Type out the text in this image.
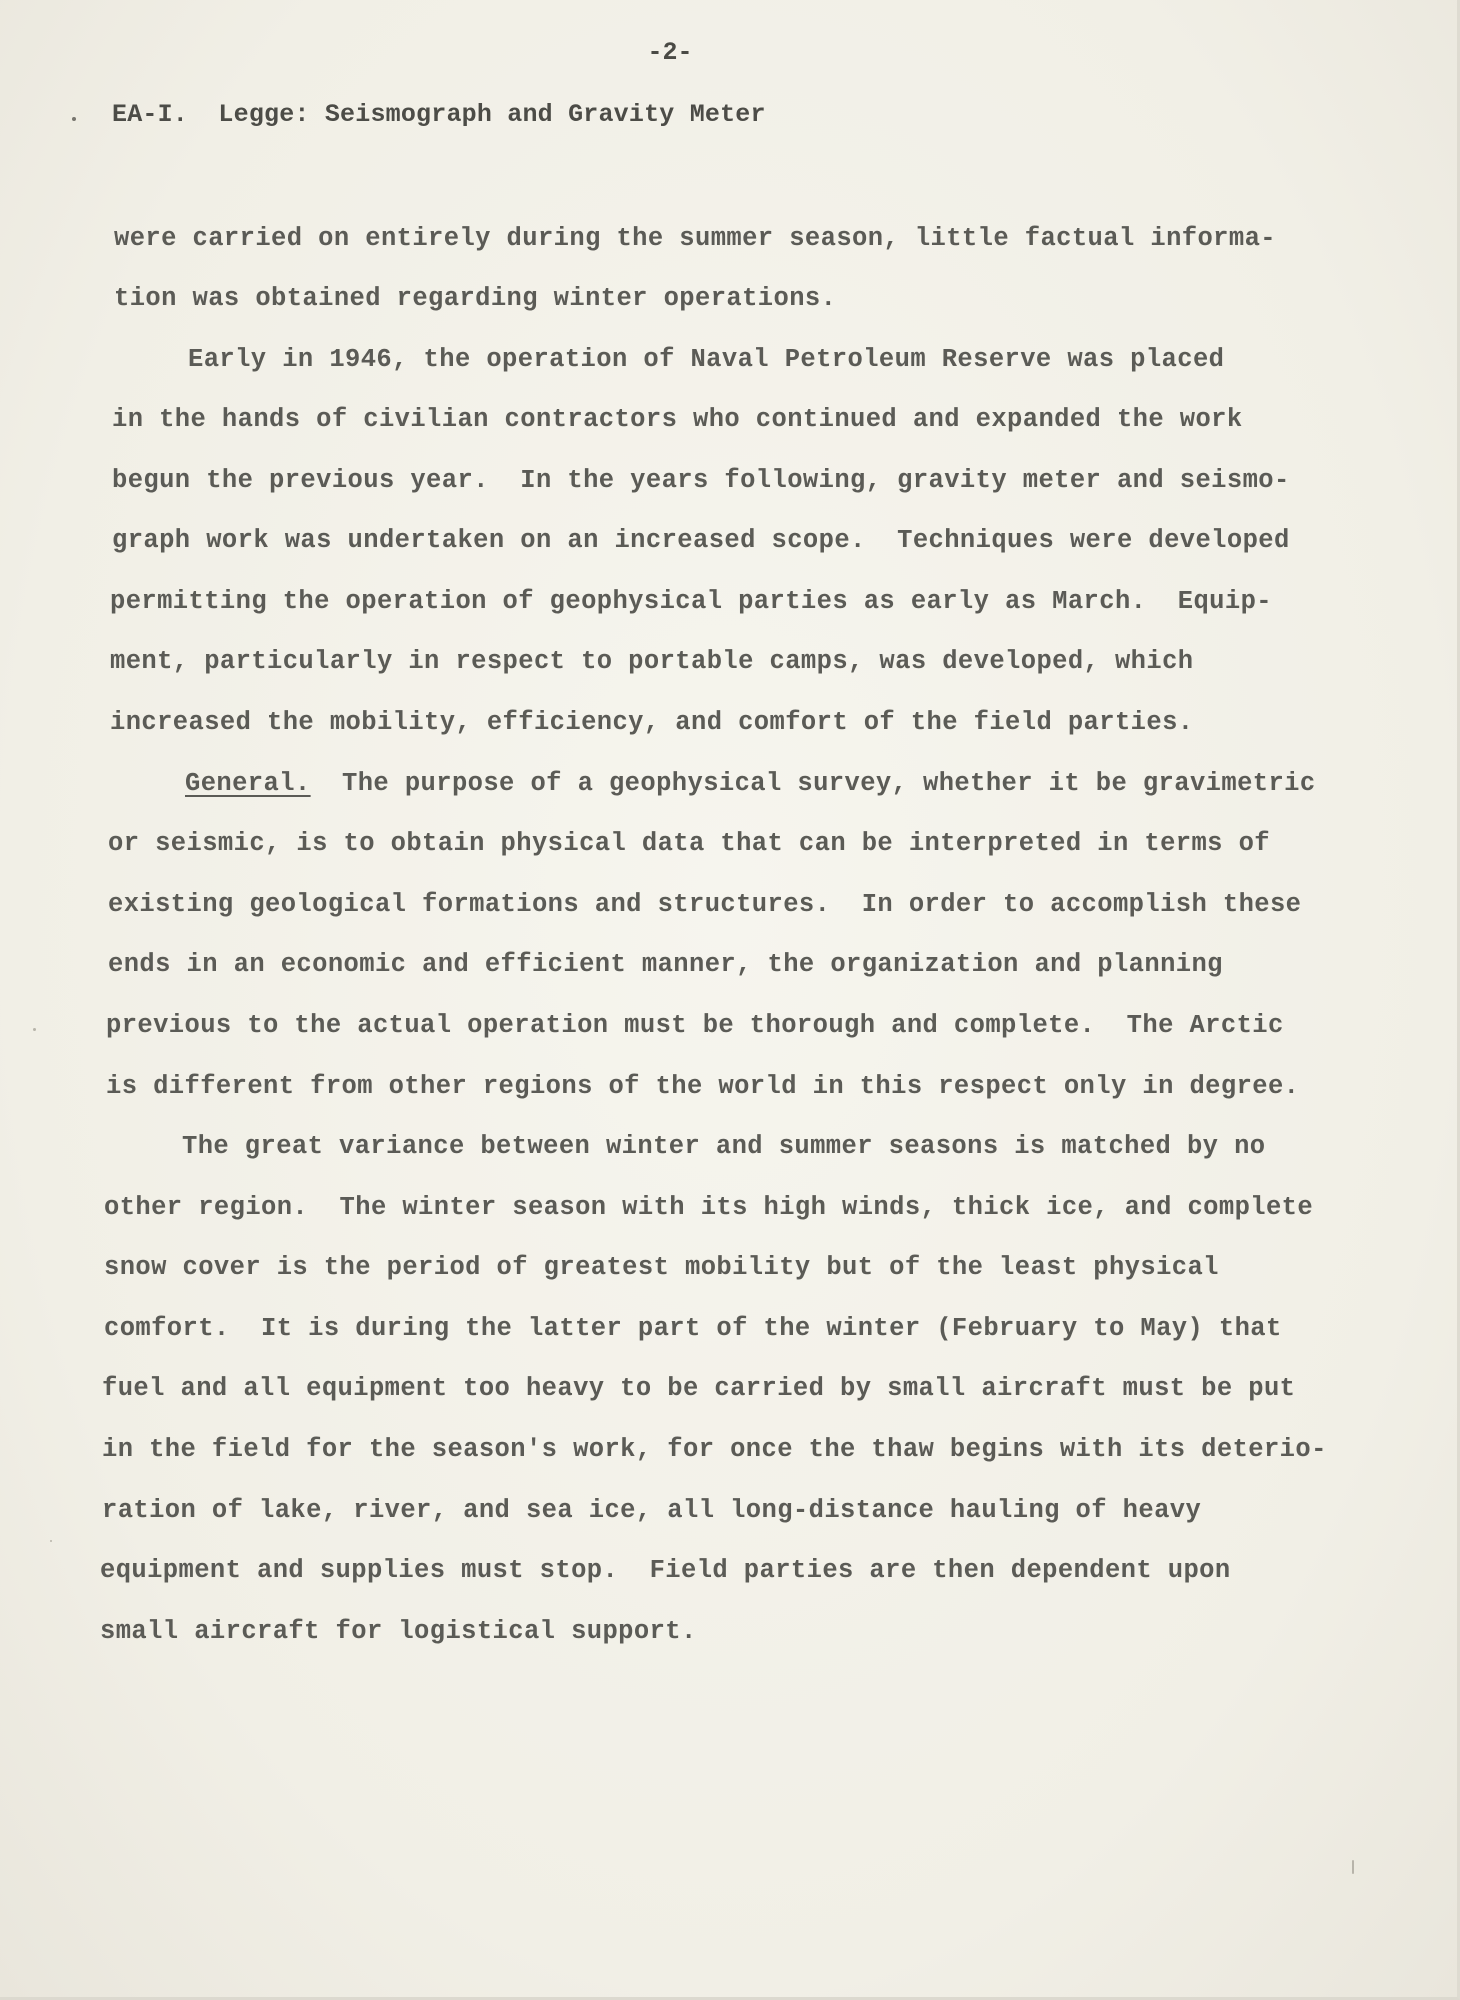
-2-
EA-I. Legge: Seismograph and Gravity Meter
were carried on entirely during the summer season, little factual informa-
tion was obtained regarding winter operations.
Early in 1946, the operation of Naval Petroleum Reserve was placed
in the hands of civilian contractors who continued and expanded the work
begun the previous year.  In the years following, gravity meter and seismo-
graph work was undertaken on an increased scope.  Techniques were developed
permitting the operation of geophysical parties as early as March.  Equip-
ment, particularly in respect to portable camps, was developed, which
increased the mobility, efficiency, and comfort of the field parties.
General. The purpose of a geophysical survey, whether it be gravimetric
or seismic, is to obtain physical data that can be interpreted in terms of
existing geological formations and structures.  In order to accomplish these
ends in an economic and efficient manner, the organization and planning
previous to the actual operation must be thorough and complete.  The Arctic
is different from other regions of the world in this respect only in degree.
The great variance between winter and summer seasons is matched by no
other region.  The winter season with its high winds, thick ice, and complete
snow cover is the period of greatest mobility but of the least physical
comfort.  It is during the latter part of the winter (February to May) that
fuel and all equipment too heavy to be carried by small aircraft must be put
in the field for the season's work, for once the thaw begins with its deterio-
ration of lake, river, and sea ice, all long-distance hauling of heavy
equipment and supplies must stop.  Field parties are then dependent upon
small aircraft for logistical support.
